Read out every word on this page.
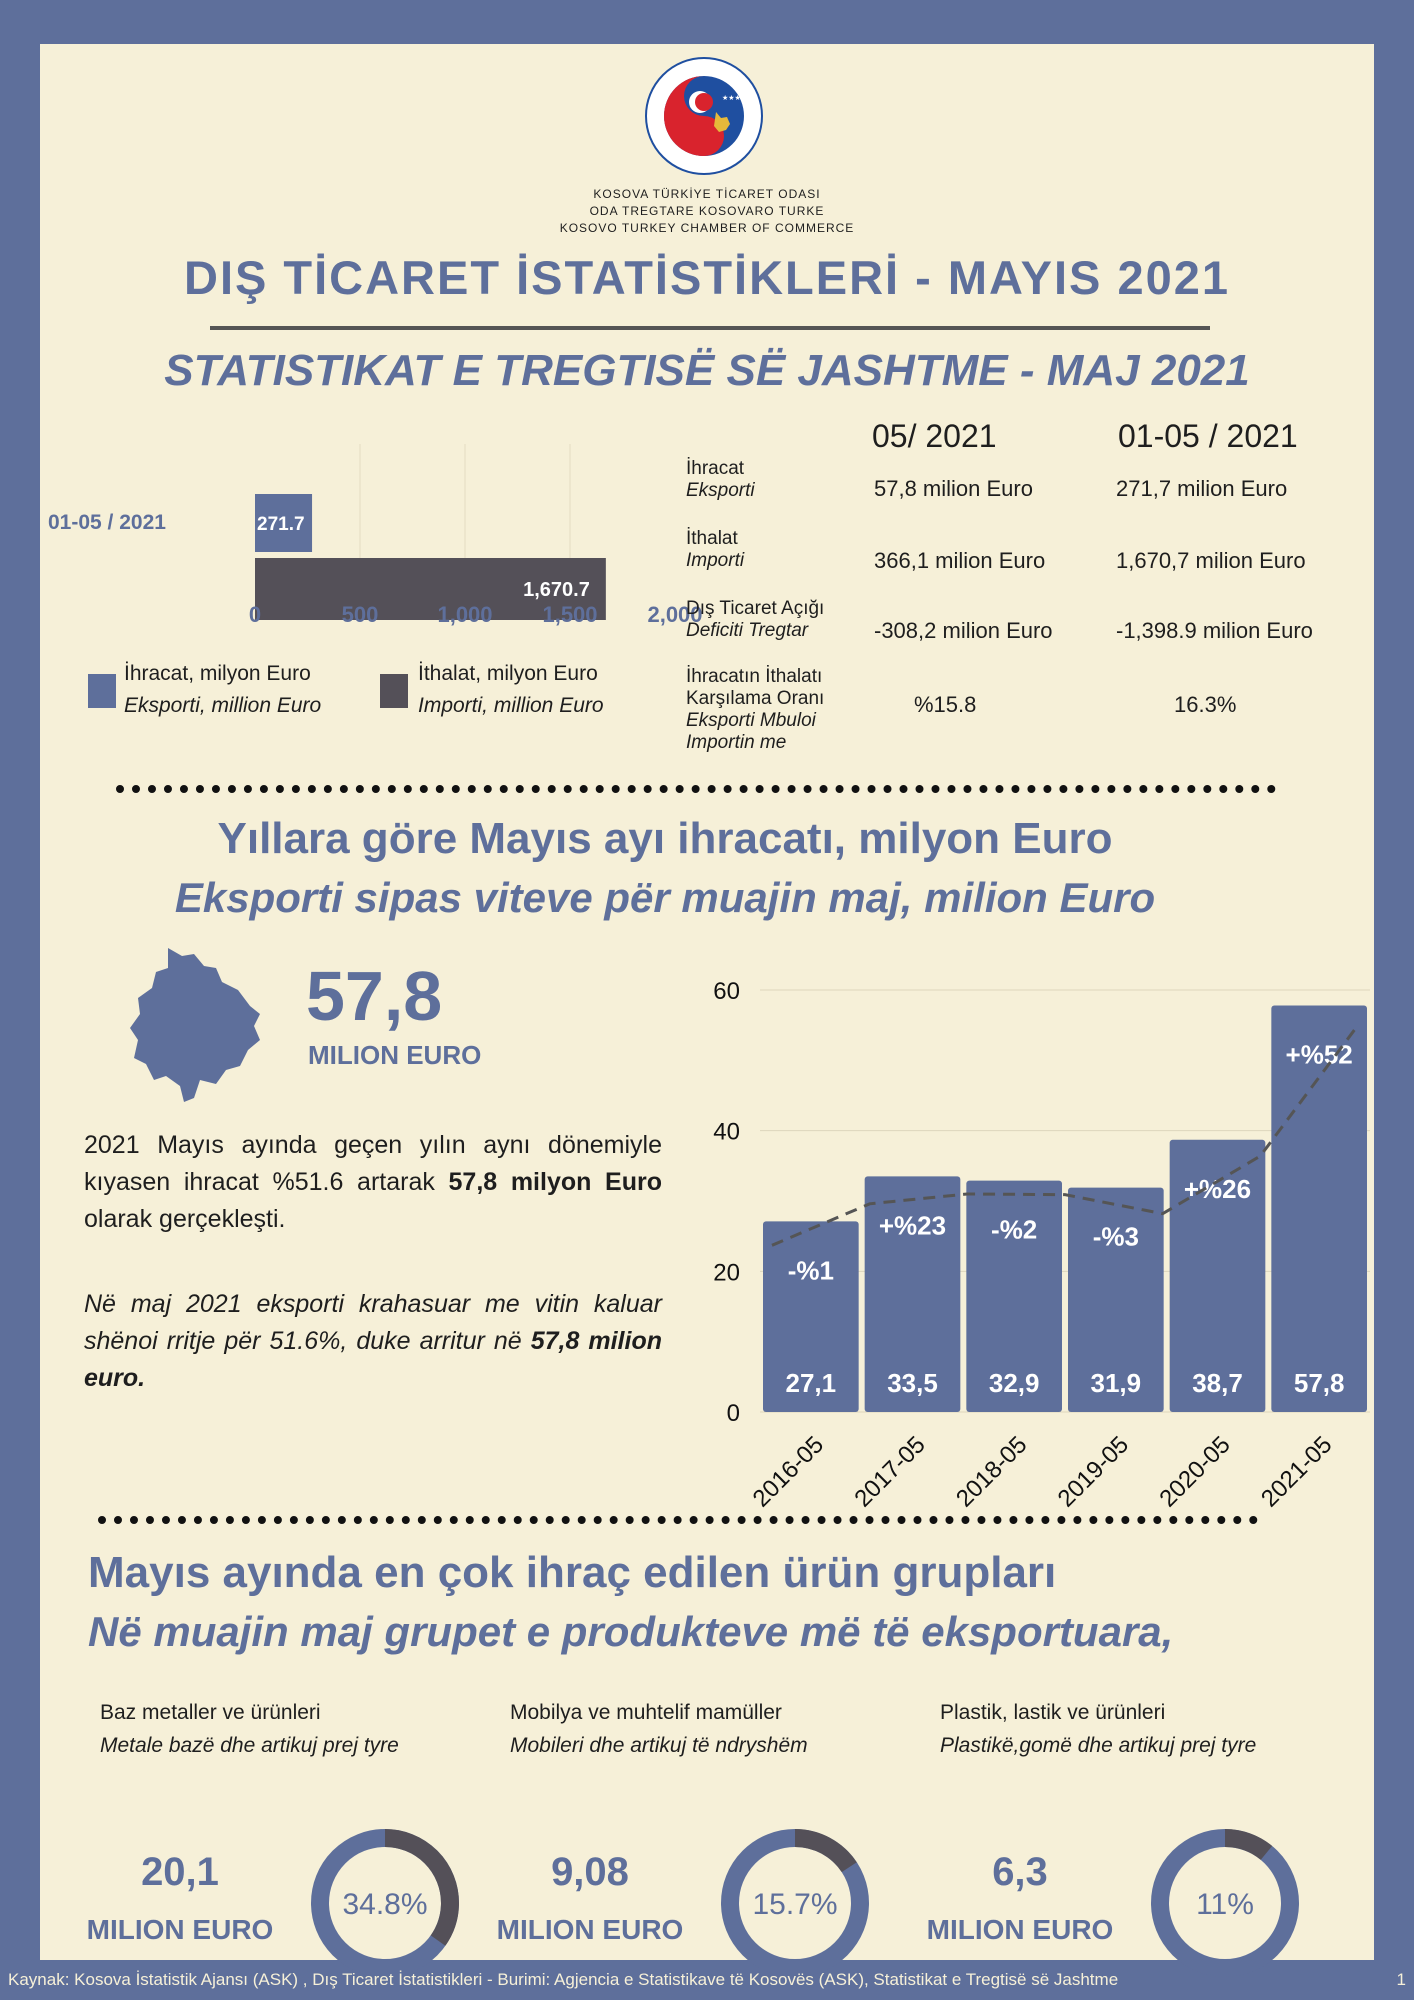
★★★★
KOSOVA TÜRKİYE TİCARET ODASI
ODA TREGTARE KOSOVARO TURKE
KOSOVO TURKEY CHAMBER OF COMMERCE
DIŞ TİCARET İSTATİSTİKLERİ - MAYIS 2021
STATISTIKAT E TREGTISË SË JASHTME - MAJ 2021
01-05 / 2021	271.7
1,670.7
0	500	1,000	1,500	2,000
İhracat, milyon Euro
Eksporti, million Euro
İthalat, milyon Euro
Importi, million Euro
05/ 2021	01-05 / 2021
İhracat
Eksporti	57,8 milion Euro	271,7 milion Euro
İthalat
Importi	366,1 milion Euro	1,670,7 milion Euro
Dış Ticaret Açığı
Deficiti Tregtar	-308,2 milion Euro	-1,398.9 milion Euro
İhracatın İthalatı
Karşılama Oranı
Eksporti Mbuloi
Importin me
%15.8	16.3%
Yıllara göre Mayıs ayı ihracatı, milyon Euro
Eksporti sipas viteve për muajin maj, milion Euro
57,8
MILION EURO
2021 Mayıs ayında geçen yılın aynı dönemiyle kıyasen ihracat %51.6 artarak 57,8 milyon Euro olarak gerçekleşti.
Në maj 2021 eksporti krahasuar me vitin kaluar shënoi rritje për 51.6%, duke arritur në 57,8 milion euro.
0
20
40
60
27,1
-%1
2016-05
33,5
+%23
2017-05
32,9
-%2
2018-05
31,9
-%3
2019-05
38,7
+%26
2020-05
57,8
+%52
2021-05
Mayıs ayında en çok ihraç edilen ürün grupları
Në muajin maj grupet e produkteve më të eksportuara,
Baz metaller ve ürünleri
Metale bazë dhe artikuj prej tyre
20,1
MILION EURO
34.8%
Mobilya ve muhtelif mamüller
Mobileri dhe artikuj të ndryshëm
9,08
MILION EURO
15.7%
Plastik, lastik ve ürünleri
Plastikë,gomë dhe artikuj prej tyre
6,3
MILION EURO
11%
Kaynak: Kosova İstatistik Ajansı (ASK) , Dış Ticaret İstatistikleri - Burimi: Agjencia e Statistikave të Kosovës (ASK), Statistikat e Tregtisë së Jashtme	1
